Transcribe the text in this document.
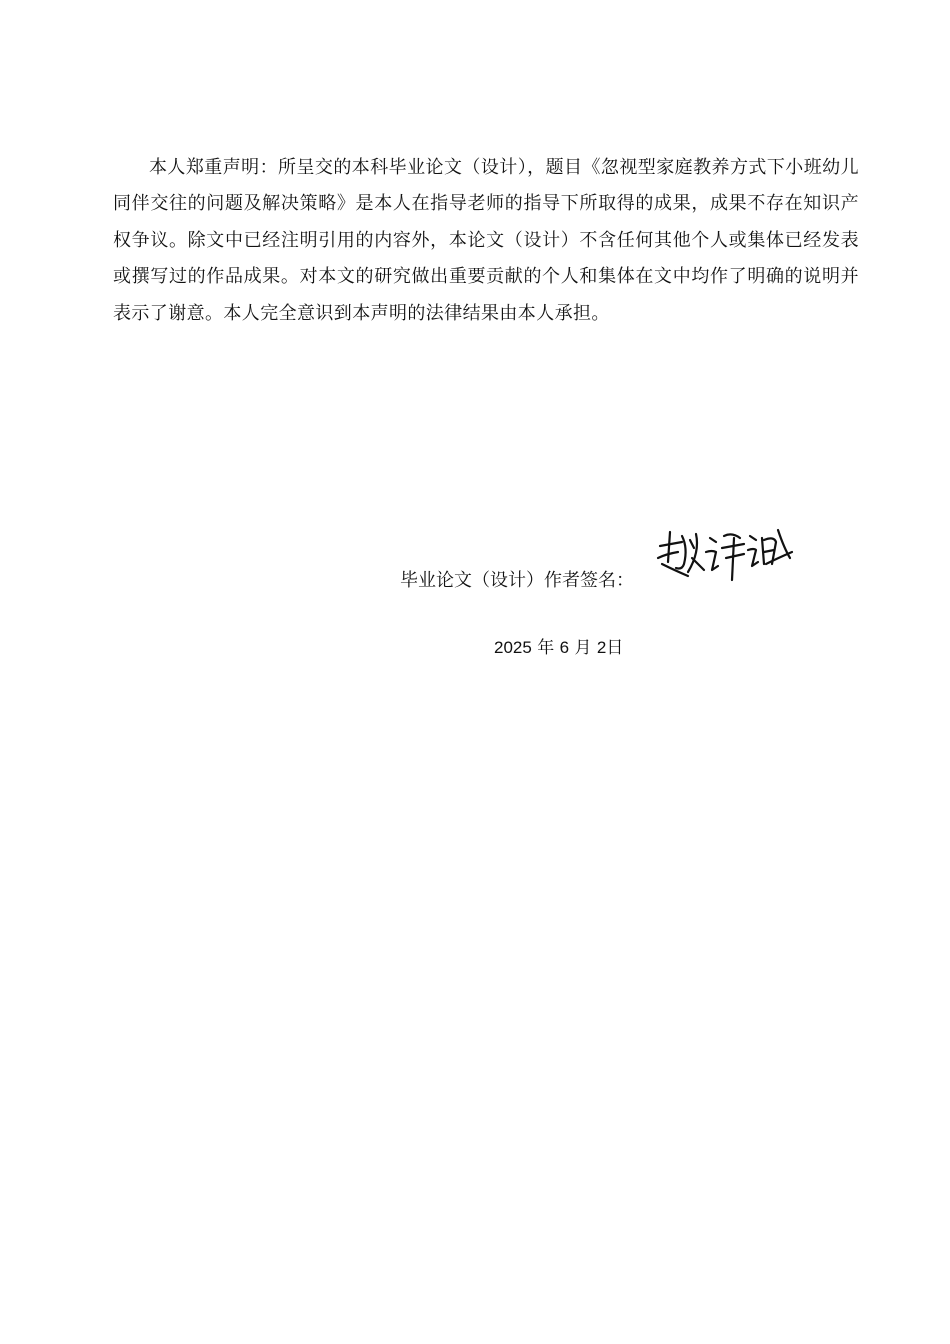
本人郑重声明：所呈交的本科毕业论文（设计），题目《忽视型家庭教养方式下小班幼儿同伴交往的问题及解决策略》是本人在指导老师的指导下所取得的成果，成果不存在知识产权争议。除文中已经注明引用的内容外，本论文（设计）不含任何其他个人或集体已经发表或撰写过的作品成果。对本文的研究做出重要贡献的个人和集体在文中均作了明确的说明并表示了谢意。本人完全意识到本声明的法律结果由本人承担。

毕业论文（设计）作者签名：
2025 年 6 月 2日
